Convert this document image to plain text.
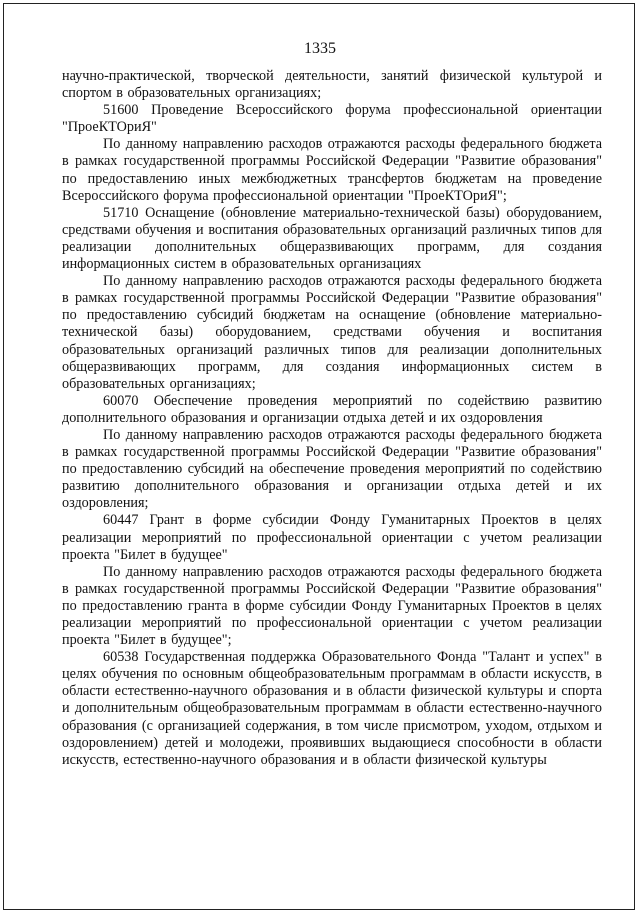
1335

научно-практической, творческой деятельности, занятий физической культурой и спортом в образовательных организациях;

51600 Проведение Всероссийского форума профессиональной ориентации "ПроеКТОриЯ"

По данному направлению расходов отражаются расходы федерального бюджета в рамках государственной программы Российской Федерации "Развитие образования" по предоставлению иных межбюджетных трансфертов бюджетам на проведение Всероссийского форума профессиональной ориентации "ПроеКТОриЯ";

51710 Оснащение (обновление материально-технической базы) оборудованием, средствами обучения и воспитания образовательных организаций различных типов для реализации дополнительных общеразвивающих программ, для создания информационных систем в образовательных организациях

По данному направлению расходов отражаются расходы федерального бюджета в рамках государственной программы Российской Федерации "Развитие образования" по предоставлению субсидий бюджетам на оснащение (обновление материально-технической базы) оборудованием, средствами обучения и воспитания образовательных организаций различных типов для реализации дополнительных общеразвивающих программ, для создания информационных систем в образовательных организациях;

60070 Обеспечение проведения мероприятий по содействию развитию дополнительного образования и организации отдыха детей и их оздоровления

По данному направлению расходов отражаются расходы федерального бюджета в рамках государственной программы Российской Федерации "Развитие образования" по предоставлению субсидий на обеспечение проведения мероприятий по содействию развитию дополнительного образования и организации отдыха детей и их оздоровления;

60447 Грант в форме субсидии Фонду Гуманитарных Проектов в целях реализации мероприятий по профессиональной ориентации с учетом реализации проекта "Билет в будущее"

По данному направлению расходов отражаются расходы федерального бюджета в рамках государственной программы Российской Федерации "Развитие образования" по предоставлению гранта в форме субсидии Фонду Гуманитарных Проектов в целях реализации мероприятий по профессиональной ориентации с учетом реализации проекта "Билет в будущее";

60538 Государственная поддержка Образовательного Фонда "Талант и успех" в целях обучения по основным общеобразовательным программам в области искусств, в области естественно-научного образования и в области физической культуры и спорта и дополнительным общеобразовательным программам в области естественно-научного образования (с организацией содержания, в том числе присмотром, уходом, отдыхом и оздоровлением) детей и молодежи, проявивших выдающиеся способности в области искусств, естественно-научного образования и в области физической культуры
